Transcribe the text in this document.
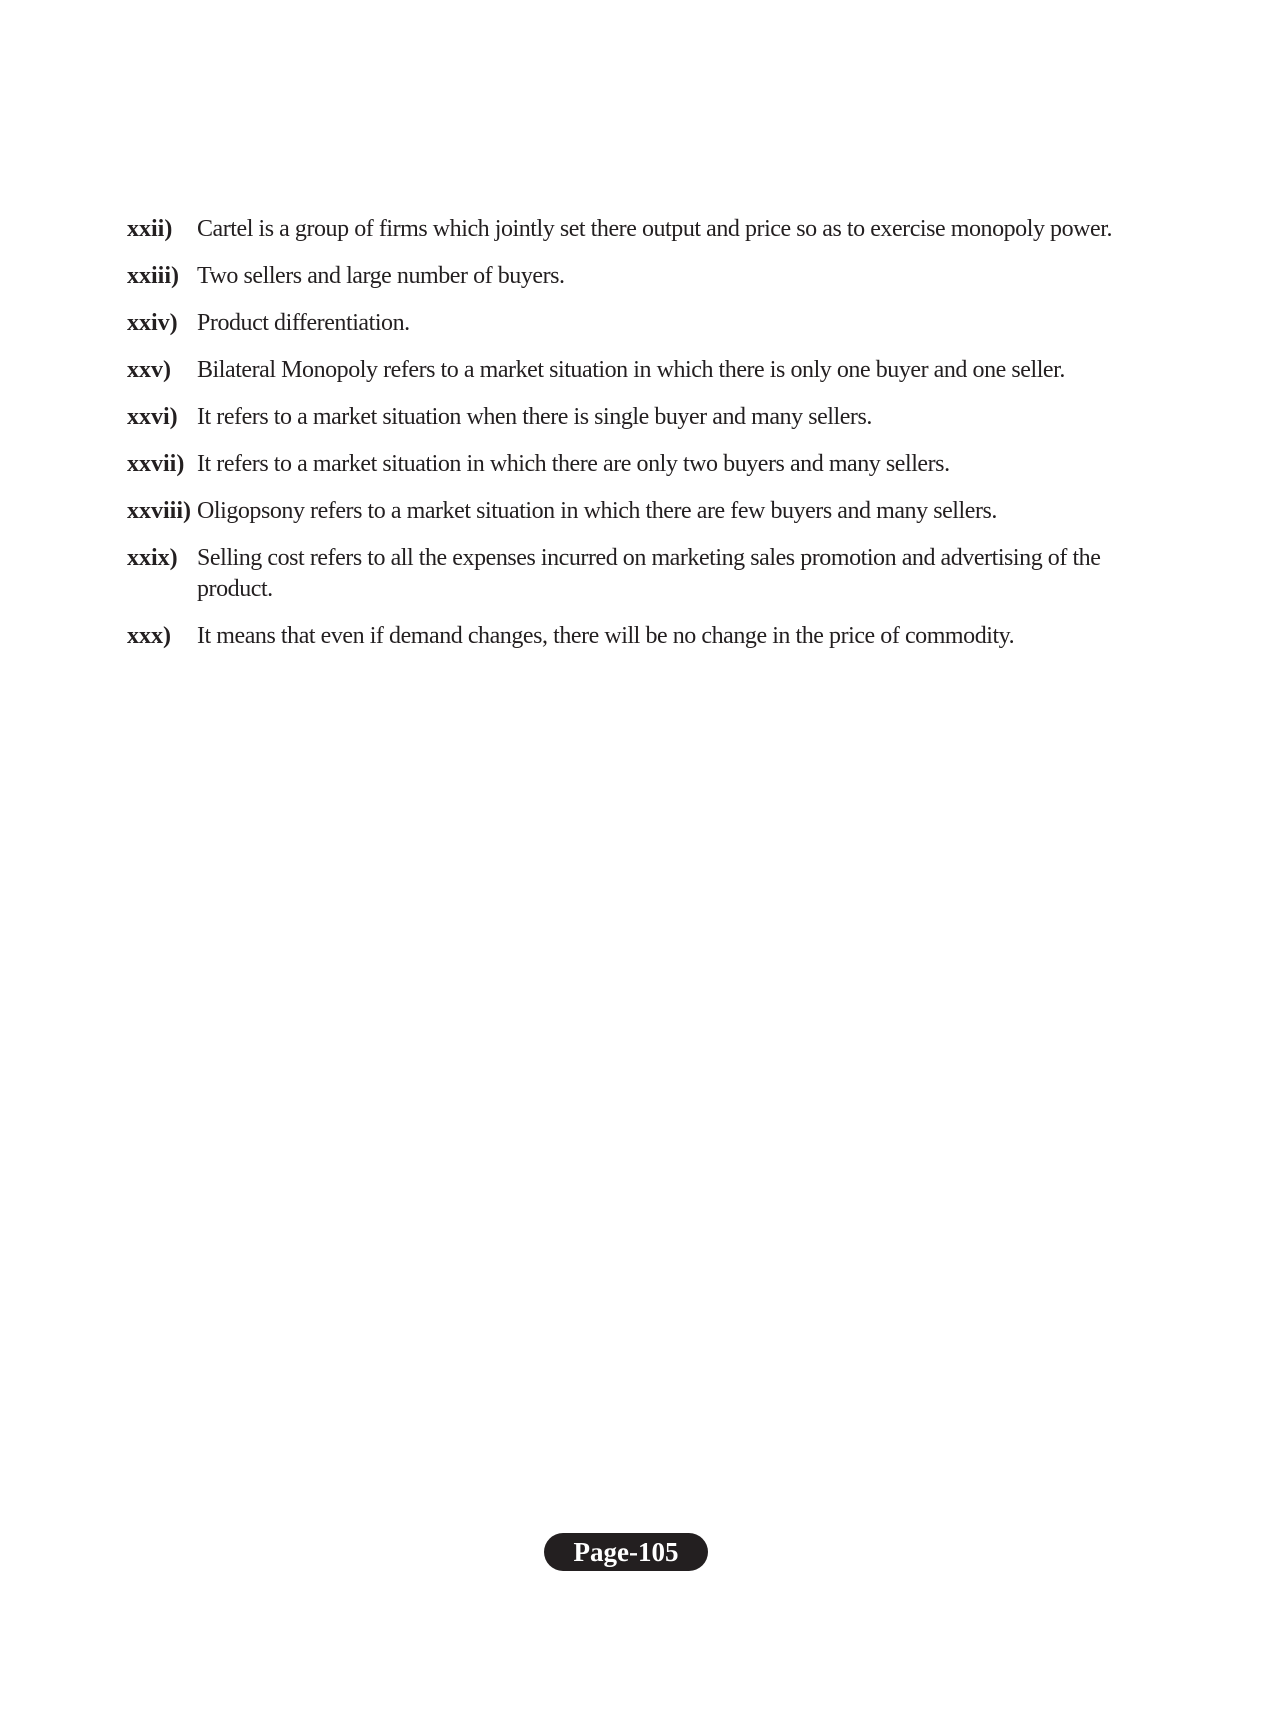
xxii)	Cartel is a group of firms which jointly set there output and price so as to exercise monopoly power.
xxiii) Two sellers and large number of buyers.
xxiv) Product differentiation.
xxv)	Bilateral Monopoly refers to a market situation in which there is only one buyer and one seller.
xxvi) It refers to a market situation when there is single buyer and many sellers.
xxvii) It refers to a market situation in which there are only two buyers and many sellers.
xxviii) Oligopsony refers to a market situation in which there are few buyers and many sellers.
xxix) Selling cost refers to all the expenses incurred on marketing sales promotion and advertising of the product.
xxx)	It means that even if demand changes, there will be no change in the price of commodity.
Page-105
